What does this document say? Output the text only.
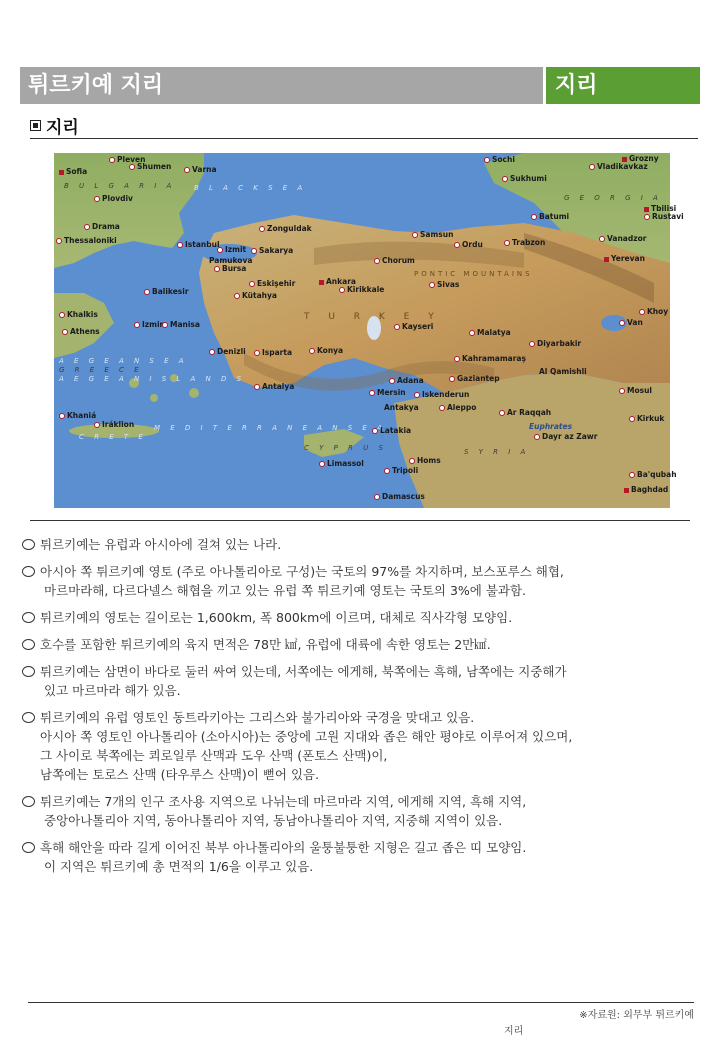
튀르키예 지리	지리
지리
B L A C K S E A
M E D I T E R R A N E A N S E A
A E G E A N S E A
G R E E C E
A E G E A N I S L A N D S
C R E T E
C Y P R U S
G E O R G I A
B U L G A R I A
S Y R I A
PONTIC MOUNTAINS
T U R K E Y
Pleven
Shumen	Varna
Sofia
Plovdiv
Drama
Thessaloniki	Istanbul
Izmit	Sakarya
Pamukova
Bursa
Zonguldak
Samsun
Ordu	Trabzon
Chorum
Eskişehir	Ankara
Kirikkale
Sivas
Kütahya
Balikesir
Izmir Manisa	Kayseri
Malatya
Denizli	Isparta	Konya
Kahramamaraş
Diyarbakir
Antalya
Adana	Gaziantep
Al Qamishli
Mersin	Iskenderun
Aleppo
Antakya
Ar Raqqah
Latakia
Mosul
Athens
Khalkis
Khaniá
Iráklion
Limassol
Tripoli
Homs
Damascus
Sochi
Sukhumi
Batumi
Tbilisi
Rustavi
Vanadzor
Yerevan
Van
Kirkuk
Baghdad
Dayr az Zawr
Euphrates
Ba'qubah
Grozny
Vladikavkaz
Khoy
튀르키예는 유럽과 아시아에 걸쳐 있는 나라.
아시아 쪽 튀르키예 영토 (주로 아나톨리아로 구성)는 국토의 97%를 차지하며, 보스포루스 해협,
마르마라해, 다르다넬스 해협을 끼고 있는 유럽 쪽 튀르키예 영토는 국토의 3%에 불과함.
튀르키예의 영토는 길이로는 1,600km, 폭 800km에 이르며, 대체로 직사각형 모양임.
호수를 포함한 튀르키예의 육지 면적은 78만 ㎢, 유럽에 대륙에 속한 영토는 2만㎢.
튀르키예는 삼면이 바다로 둘러 싸여 있는데, 서쪽에는 에게해, 북쪽에는 흑해, 남쪽에는 지중해가
있고 마르마라 해가 있음.
튀르키예의 유럽 영토인 동트라키아는 그리스와 불가리아와 국경을 맞대고 있음.
아시아 쪽 영토인 아나톨리아 (소아시아)는 중앙에 고원 지대와 좁은 해안 평야로 이루어져 있으며,
그 사이로 북쪽에는 쾨로일루 산맥과 도우 산맥 (폰토스 산맥)이,
남쪽에는 토로스 산맥 (타우루스 산맥)이 뻗어 있음.
튀르키예는 7개의 인구 조사용 지역으로 나뉘는데 마르마라 지역, 에게해 지역, 흑해 지역,
중앙아나톨리아 지역, 동아나톨리아 지역, 동남아나톨리아 지역, 지중해 지역이 있음.
흑해 해안을 따라 길게 이어진 북부 아나톨리아의 울퉁불퉁한 지형은 길고 좁은 띠 모양임.
이 지역은 튀르키예 총 면적의 1/6을 이루고 있음.
※자료원: 외무부 튀르키예
지리
